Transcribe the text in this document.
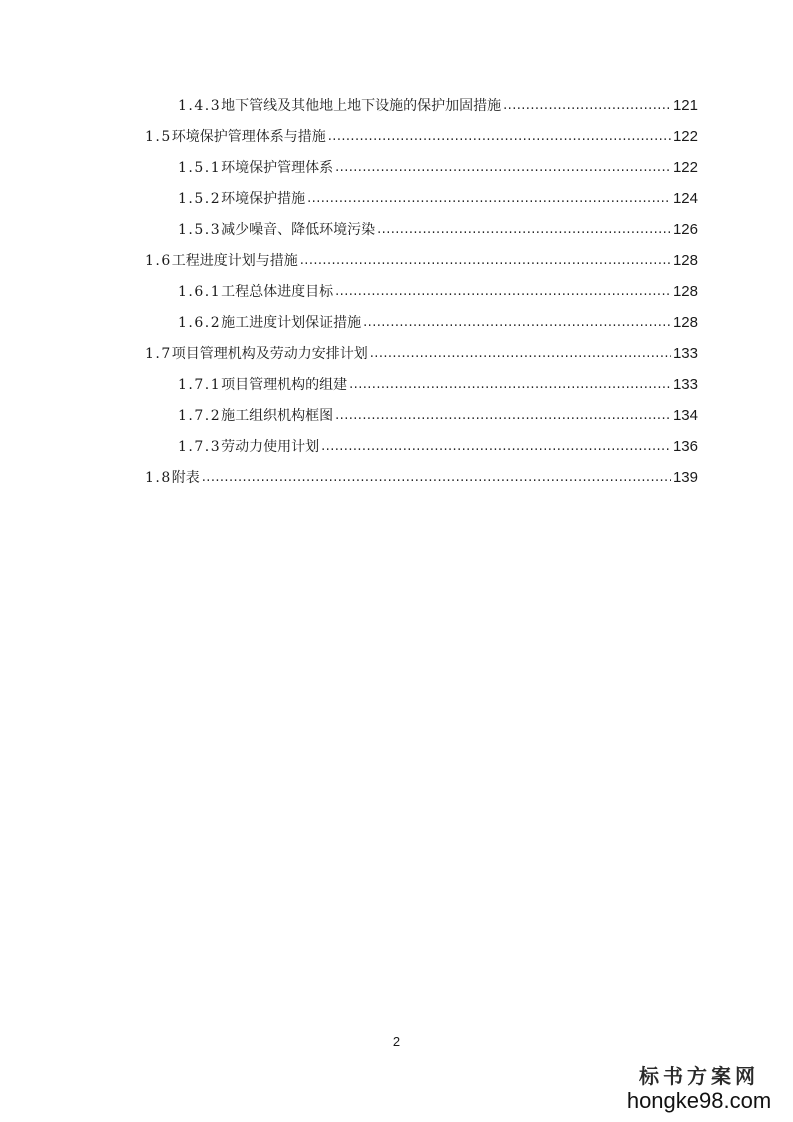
1.4.3 地下管线及其他地上地下设施的保护加固措施 .....	121
1.5 环境保护管理体系与措施 .....	122
1.5.1 环境保护管理体系 .....	122
1.5.2 环境保护措施 .....	124
1.5.3 减少噪音、降低环境污染 .....	126
1.6 工程进度计划与措施 .....	128
1.6.1 工程总体进度目标 .....	128
1.6.2 施工进度计划保证措施 .....	128
1.7 项目管理机构及劳动力安排计划 .....	133
1.7.1 项目管理机构的组建 .....	133
1.7.2 施工组织机构框图 .....	134
1.7.3 劳动力使用计划 .....	136
1.8 附表 .....	139
2
标书方案网
hongke98.com
